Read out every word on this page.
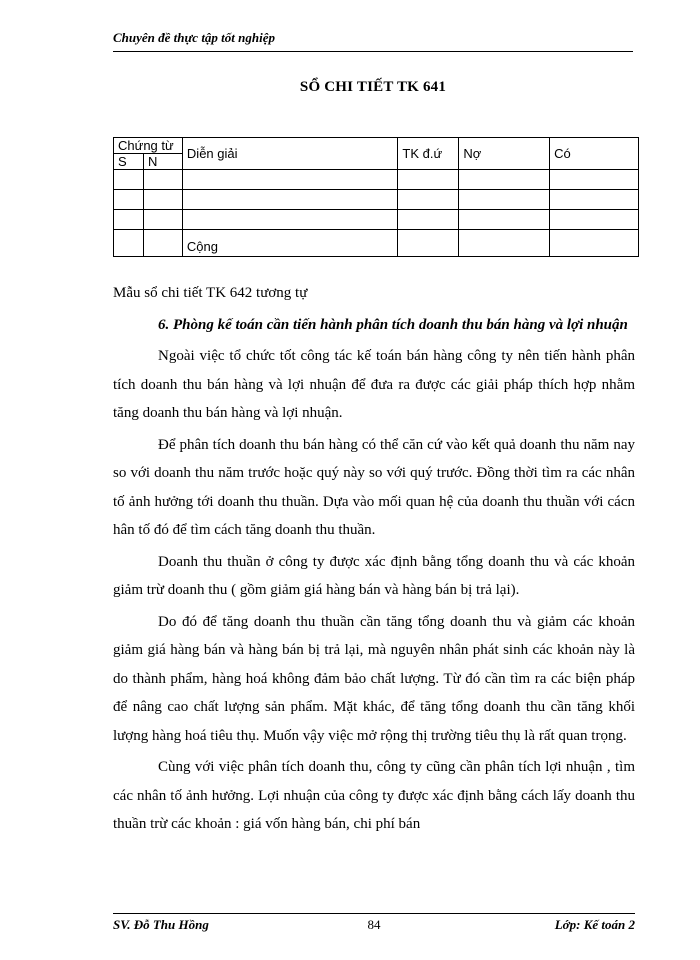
Chuyên đề thực tập tốt nghiệp
SỔ CHI TIẾT TK 641
Chứng từ		Diễn giải	TK đ.ứ	Nợ	Có
S	N				

		Cộng			

Mẫu sổ chi tiết TK 642 tương tự

6. Phòng kế toán cần tiến hành phân tích doanh thu bán hàng và lợi nhuận

Ngoài việc tổ chức tốt công tác kế toán bán hàng công ty nên tiến hành phân tích doanh thu bán hàng và lợi nhuận để đưa ra được các giải pháp thích hợp nhằm tăng doanh thu bán hàng và lợi nhuận.

Để phân tích doanh thu bán hàng có thể căn cứ vào kết quả doanh thu năm nay so với doanh thu năm trước hoặc quý này so với quý trước. Đồng thời tìm ra các nhân tố ảnh hưởng tới doanh thu thuần. Dựa vào mối quan hệ của doanh thu thuần với cácn hân tố đó để tìm cách tăng doanh thu thuần.

Doanh thu thuần ở công ty được xác định bằng tổng doanh thu và các khoản giảm trừ doanh thu ( gồm giảm giá hàng bán và hàng bán bị trả lại).

Do đó để tăng doanh thu thuần cần tăng tổng doanh thu và giảm các khoản giảm giá hàng bán và hàng bán bị trả lại, mà nguyên nhân phát sinh các khoản này là do thành phẩm, hàng hoá không đảm bảo chất lượng. Từ đó cần tìm ra các biện pháp để nâng cao chất lượng sản phẩm. Mặt khác, để tăng tổng doanh thu cần tăng khối lượng hàng hoá tiêu thụ. Muốn vậy việc mở rộng thị trường tiêu thụ là rất quan trọng.

Cùng với việc phân tích doanh thu, công ty cũng cần phân tích lợi nhuận , tìm các nhân tố ảnh hưởng. Lợi nhuận của công ty được xác định bằng cách lấy doanh thu thuần trừ các khoản : giá vốn hàng bán, chi phí bán

SV. Đỗ Thu Hồng	84	Lớp: Kế toán 2
